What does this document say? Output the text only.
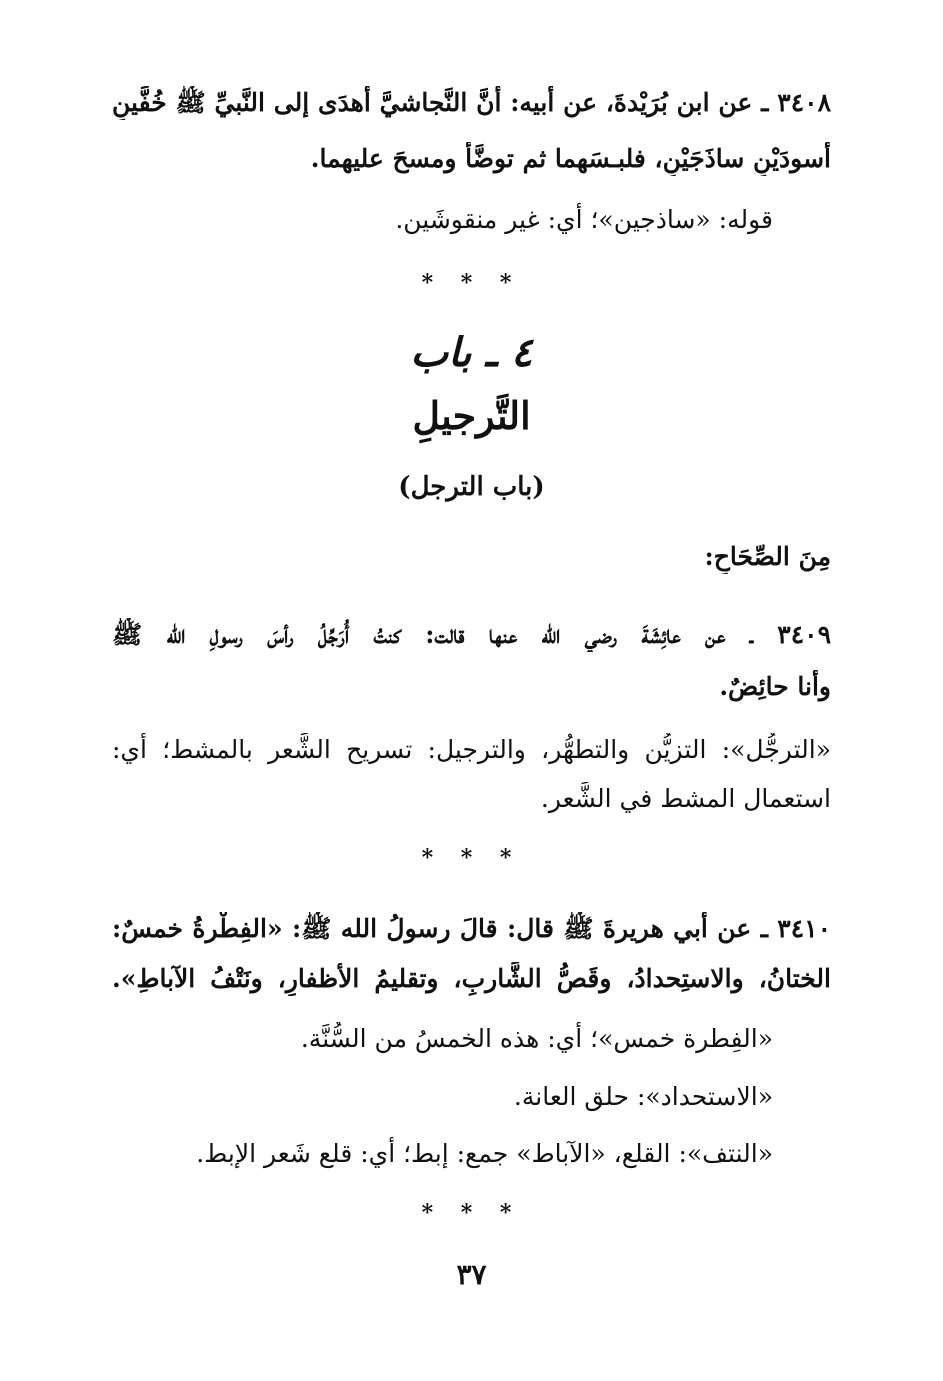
٣٤٠٨ ـ عن ابن بُرَيْدةَ، عن أبيه: أنَّ النَّجاشيَّ أهدَى إلى النَّبيِّ ﷺ خُفَّينِ
أسودَيْنِ ساذَجَيْنِ، فلبـسَهما ثم توضَّأ ومسحَ عليهما.
قوله: «ساذجين»؛ أي: غير منقوشَين.
* * *
٤ ـ باب
التَّرجيلِ
(باب الترجل)
مِنَ الصِّحَاحِ:
٣٤٠٩ ـ عن عائِشَةَ رضي الله عنها قالت: كنتُ أُرَجِّلُ رأسَ رسولِ الله ﷺ
وأنا حائِضٌ.
«الترجُّل»: التزيُّن والتطهُّر، والترجيل: تسريح الشَّعر بالمشط؛ أي:
استعمال المشط في الشَّعر.
* * *
٣٤١٠ ـ عن أبي هريرةَ ﷺ قال: قالَ رسولُ الله ﷺ: «الفِطْرةُ خمسٌ:
الختانُ، والاستِحدادُ، وقَصُّ الشَّاربِ، وتقليمُ الأظفارِ، ونَتْفُ الآباطِ».
«الفِطرة خمس»؛ أي: هذه الخمسُ من السُّنَّة.
«الاستحداد»: حلق العانة.
«النتف»: القلع، «الآباط» جمع: إبط؛ أي: قلع شَعر الإبط.
* * *
٣٧
